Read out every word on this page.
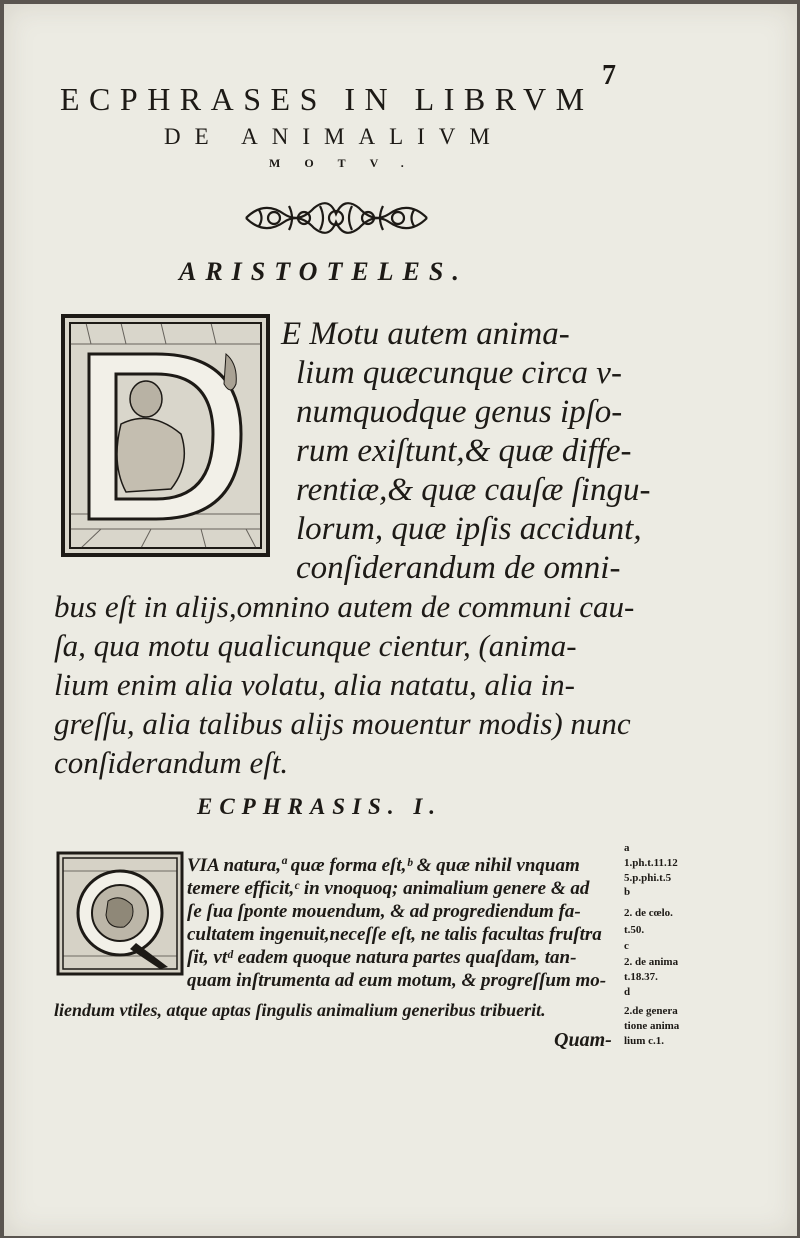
7
ECPHRASES IN LIBRVM
DE ANIMALIVM
MOTV.
ARISTOTELES.
E Motu autem anima-
lium quæcunque circa v-
numquodque genus ipſo-
rum exiſtunt,& quæ diffe-
rentiæ,& quæ cauſæ ſingu-
lorum, quæ ipſis accidunt,
conſiderandum de omni-
bus eſt in aliјs,omnino autem de communi cau-
ſa, qua motu qualicunque cientur, (anima-
lium enim alia volatu, alia natatu, alia in-
greſſu, alia talibus aliјs mouentur modis) nunc
conſiderandum eſt.
ECPHRASIS. I.
VIA natura,ª quæ forma eſt,ᵇ & quæ nihil vnquam
temere efficit,ᶜ in vnoquoq; animalium genere & ad
ſe ſua ſponte mouendum, & ad progrediendum fa-
cultatem ingenuit,neceſſe eſt, ne talis facultas fruſtra
ſit, vtᵈ eadem quoque natura partes quaſdam, tan-
quam inſtrumenta ad eum motum, & progreſſum mo-
liendum vtiles, atque aptas ſingulis animalium generibus tribuerit.
a
1.ph.t.11.12
5.p.phi.t.5
b
2. de cœlo.
t.50.
c
2. de anima
t.18.37.
d
2.de genera
tione anima
lium c.1.
Quam-
